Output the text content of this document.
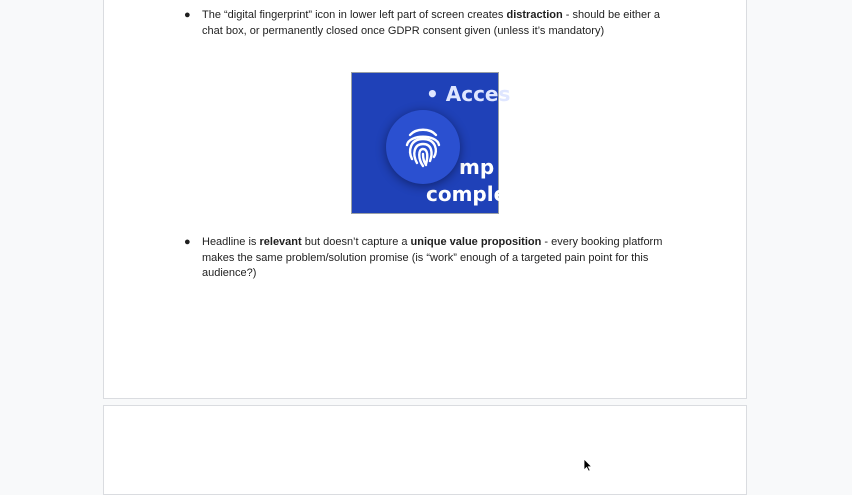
● The “digital fingerprint” icon in lower left part of screen creates distraction - should be either a chat box, or permanently closed once GDPR consent given (unless it’s mandatory)
• Acces
mp ir
comple
● Headline is relevant but doesn’t capture a unique value proposition - every booking platform makes the same problem/solution promise (is “work” enough of a targeted pain point for this audience?)
